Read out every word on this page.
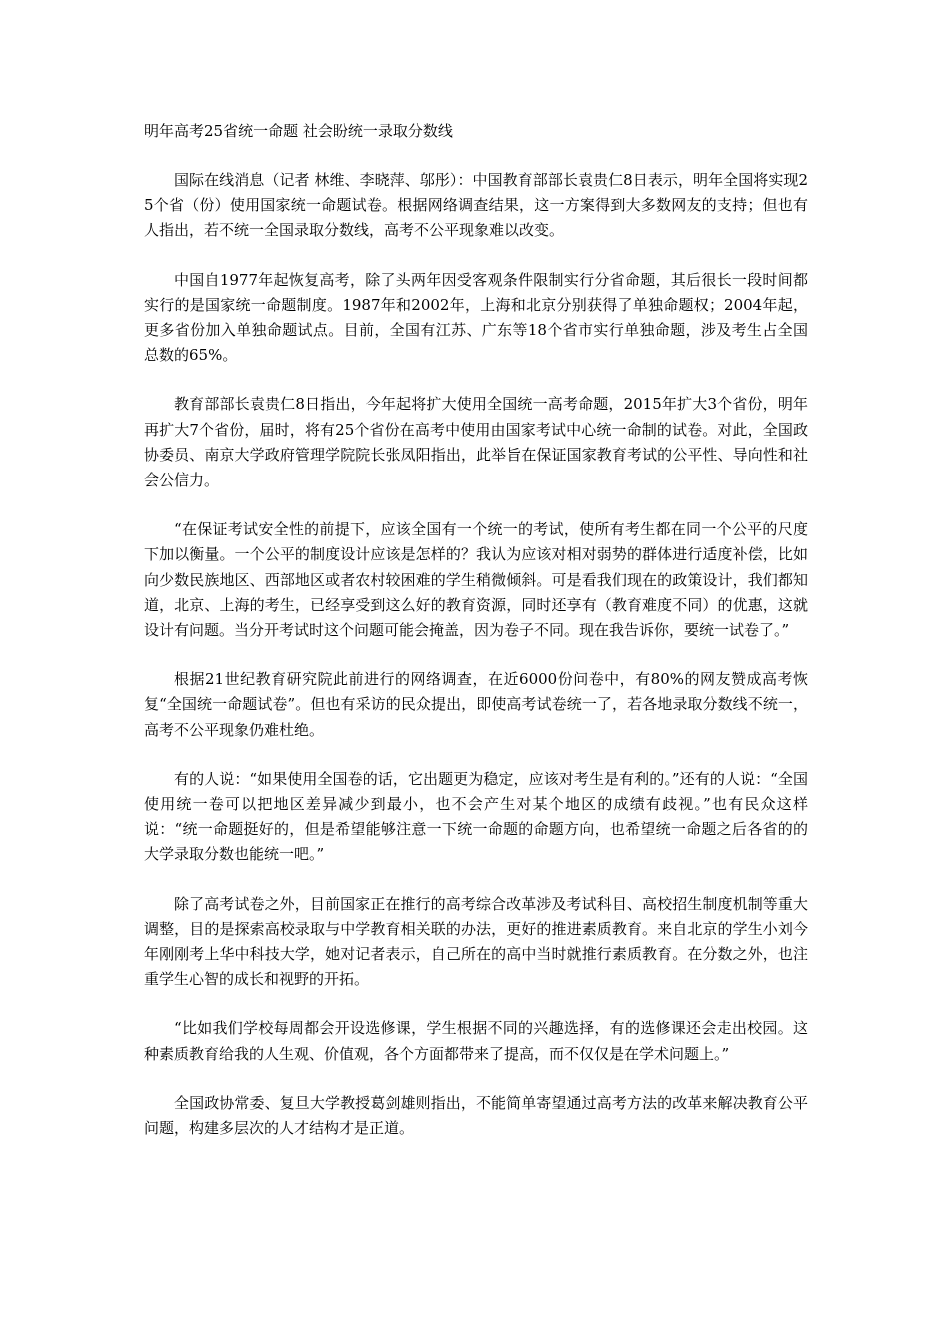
明年高考25省统一命题 社会盼统一录取分数线

国际在线消息（记者 林维、李晓萍、邬彤）：中国教育部部长袁贵仁8日表示，明年全国将实现25个省（份）使用国家统一命题试卷。根据网络调查结果，这一方案得到大多数网友的支持；但也有人指出，若不统一全国录取分数线，高考不公平现象难以改变。

中国自1977年起恢复高考，除了头两年因受客观条件限制实行分省命题，其后很长一段时间都实行的是国家统一命题制度。1987年和2002年，上海和北京分别获得了单独命题权；2004年起，更多省份加入单独命题试点。目前，全国有江苏、广东等18个省市实行单独命题，涉及考生占全国总数的65%。

教育部部长袁贵仁8日指出，今年起将扩大使用全国统一高考命题，2015年扩大3个省份，明年再扩大7个省份，届时，将有25个省份在高考中使用由国家考试中心统一命制的试卷。对此，全国政协委员、南京大学政府管理学院院长张凤阳指出，此举旨在保证国家教育考试的公平性、导向性和社会公信力。

“在保证考试安全性的前提下，应该全国有一个统一的考试，使所有考生都在同一个公平的尺度下加以衡量。一个公平的制度设计应该是怎样的？我认为应该对相对弱势的群体进行适度补偿，比如向少数民族地区、西部地区或者农村较困难的学生稍微倾斜。可是看我们现在的政策设计，我们都知道，北京、上海的考生，已经享受到这么好的教育资源，同时还享有（教育难度不同）的优惠，这就设计有问题。当分开考试时这个问题可能会掩盖，因为卷子不同。现在我告诉你，要统一试卷了。”

根据21世纪教育研究院此前进行的网络调查，在近6000份问卷中，有80%的网友赞成高考恢复“全国统一命题试卷”。但也有采访的民众提出，即使高考试卷统一了，若各地录取分数线不统一，高考不公平现象仍难杜绝。

有的人说：“如果使用全国卷的话，它出题更为稳定，应该对考生是有利的。”还有的人说：“全国使用统一卷可以把地区差异减少到最小，也不会产生对某个地区的成绩有歧视。”也有民众这样说：“统一命题挺好的，但是希望能够注意一下统一命题的命题方向，也希望统一命题之后各省的的大学录取分数也能统一吧。”

除了高考试卷之外，目前国家正在推行的高考综合改革涉及考试科目、高校招生制度机制等重大调整，目的是探索高校录取与中学教育相关联的办法，更好的推进素质教育。来自北京的学生小刘今年刚刚考上华中科技大学，她对记者表示，自己所在的高中当时就推行素质教育。在分数之外，也注重学生心智的成长和视野的开拓。

“比如我们学校每周都会开设选修课，学生根据不同的兴趣选择，有的选修课还会走出校园。这种素质教育给我的人生观、价值观，各个方面都带来了提高，而不仅仅是在学术问题上。”

全国政协常委、复旦大学教授葛剑雄则指出，不能简单寄望通过高考方法的改革来解决教育公平问题，构建多层次的人才结构才是正道。
